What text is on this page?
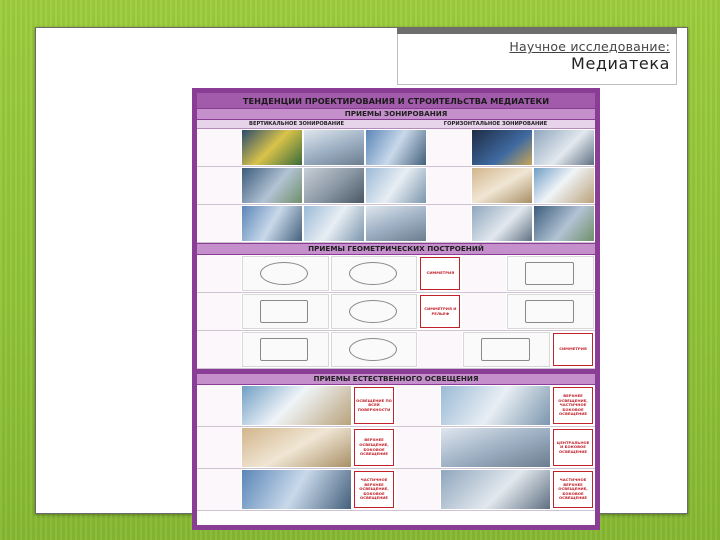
Научное исследование:
Медиатека
ТЕНДЕНЦИИ ПРОЕКТИРОВАНИЯ И СТРОИТЕЛЬСТВА МЕДИАТЕКИ
ПРИЕМЫ ЗОНИРОВАНИЯ
ВЕРТИКАЛЬНОЕ ЗОНИРОВАНИЕ	ГОРИЗОНТАЛЬНОЕ ЗОНИРОВАНИЕ
ПРИЕМЫ ГЕОМЕТРИЧЕСКИХ ПОСТРОЕНИЙ
СИММЕТРИЯ
СИММЕТРИЯ И РЕЛЬЕФ
СИММЕТРИЯ
ПРИЕМЫ ЕСТЕСТВЕННОГО ОСВЕЩЕНИЯ
ОСВЕЩЕНИЕ ПО ВСЕЙ ПОВЕРХНОСТИ
ВЕРХНЕЕ ОСВЕЩЕНИЕ, ЧАСТИЧНОЕ БОКОВОЕ ОСВЕЩЕНИЕ
ВЕРХНЕЕ ОСВЕЩЕНИЕ, БОКОВОЕ ОСВЕЩЕНИЕ
ЦЕНТРАЛЬНОЕ И БОКОВОЕ ОСВЕЩЕНИЕ
ЧАСТИЧНОЕ ВЕРХНЕЕ ОСВЕЩЕНИЕ, БОКОВОЕ ОСВЕЩЕНИЕ
ЧАСТИЧНОЕ ВЕРХНЕЕ ОСВЕЩЕНИЕ, БОКОВОЕ ОСВЕЩЕНИЕ
